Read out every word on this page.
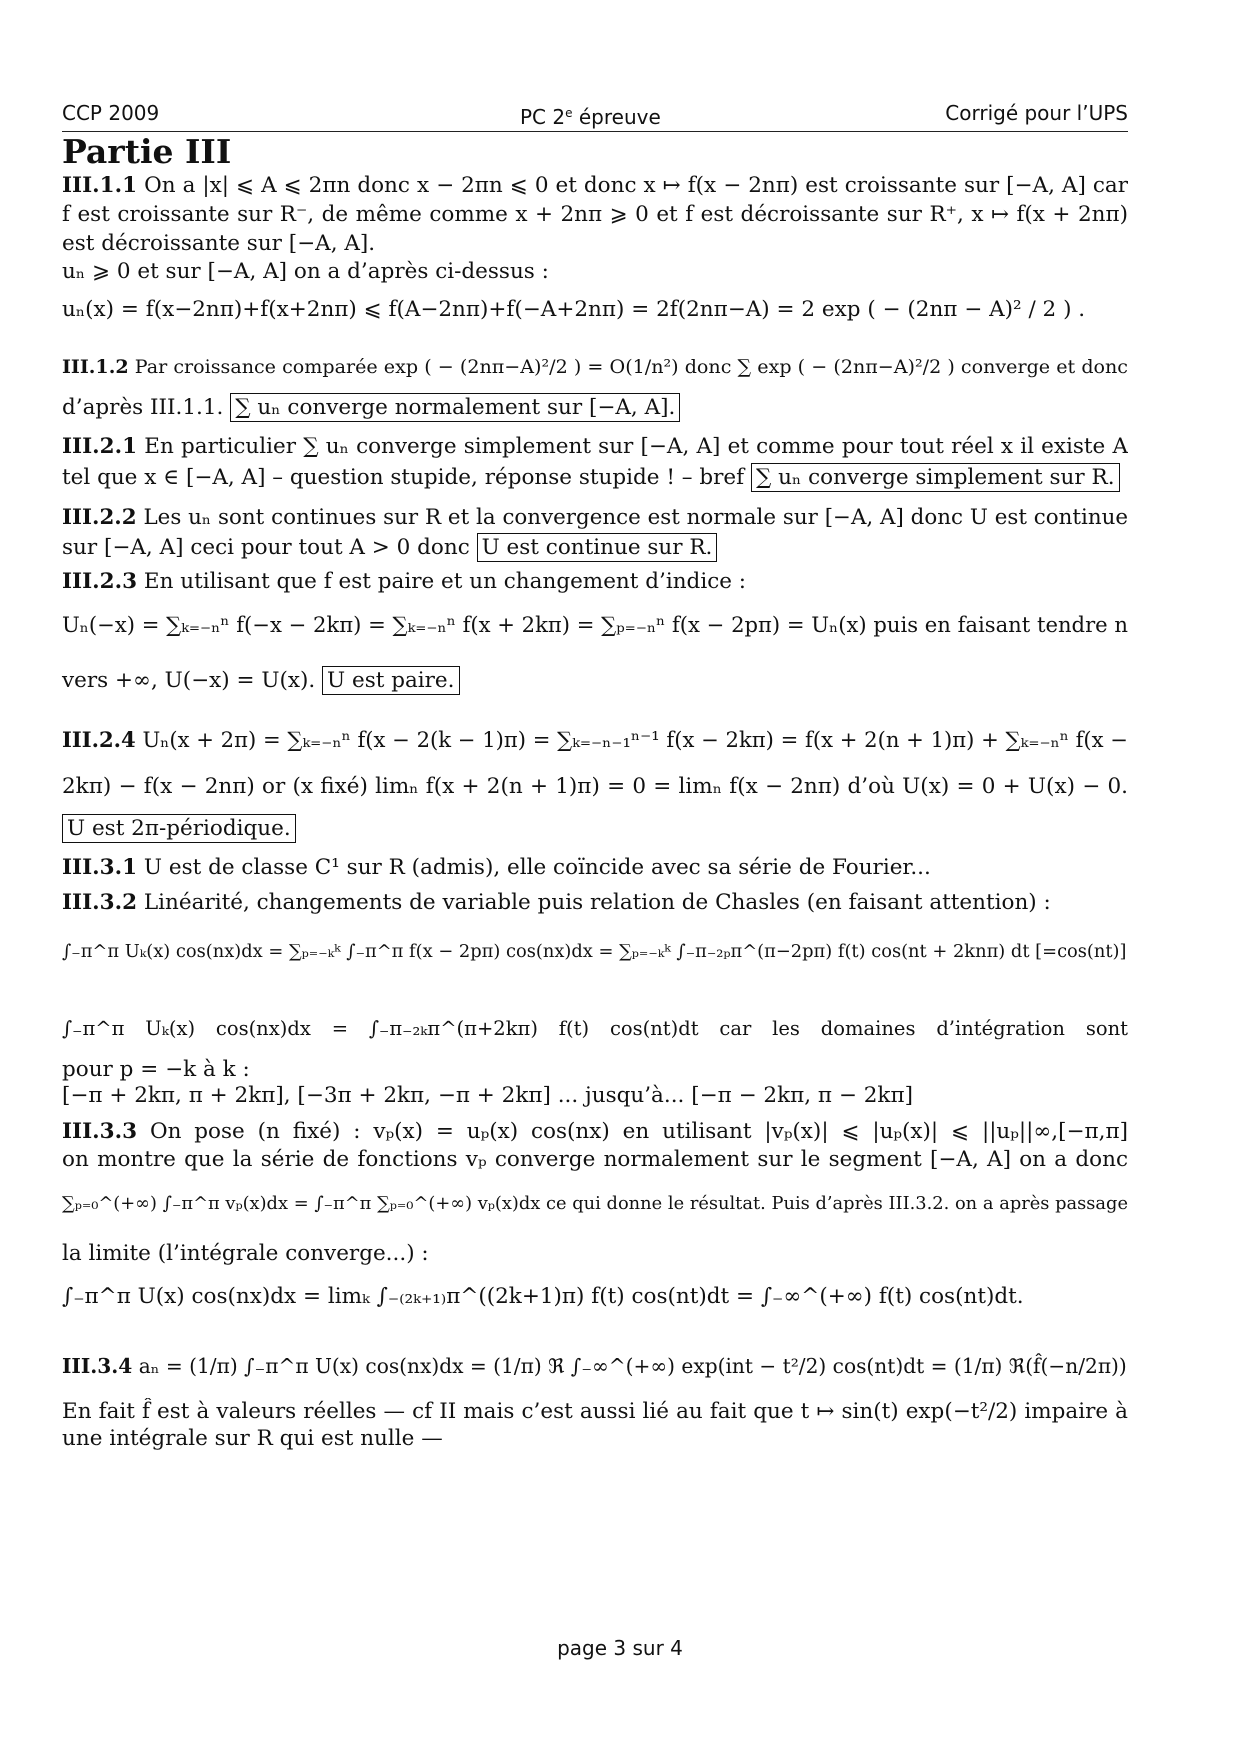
CCP 2009	PC 2e épreuve	Corrigé pour l’UPS
Partie III
III.1.1 On a |x| ⩽ A ⩽ 2πn donc x − 2πn ⩽ 0 et donc x ↦ f(x − 2nπ) est croissante sur [−A, A] car
f est croissante sur R⁻, de même comme x + 2nπ ⩾ 0 et f est décroissante sur R⁺, x ↦ f(x + 2nπ)
est décroissante sur [−A, A].
uₙ ⩾ 0 et sur [−A, A] on a d’après ci-dessus :
uₙ(x) = f(x−2nπ)+f(x+2nπ) ⩽ f(A−2nπ)+f(−A+2nπ) = 2f(2nπ−A) = 2 exp ( − (2nπ − A)² / 2 ) .
III.1.2 Par croissance comparée exp ( − (2nπ−A)²/2 ) = O(1/n²) donc ∑ exp ( − (2nπ−A)²/2 ) converge et donc
d’après III.1.1. ∑ uₙ converge normalement sur [−A, A].
III.2.1 En particulier ∑ uₙ converge simplement sur [−A, A] et comme pour tout réel x il existe A
tel que x ∈ [−A, A] – question stupide, réponse stupide ! – bref ∑ uₙ converge simplement sur R.
III.2.2 Les uₙ sont continues sur R et la convergence est normale sur [−A, A] donc U est continue
sur [−A, A] ceci pour tout A > 0 donc U est continue sur R.
III.2.3 En utilisant que f est paire et un changement d’indice :
Uₙ(−x) = ∑ₖ₌₋ₙⁿ f(−x − 2kπ) = ∑ₖ₌₋ₙⁿ f(x + 2kπ) = ∑ₚ₌₋ₙⁿ f(x − 2pπ) = Uₙ(x) puis en faisant tendre n
vers +∞, U(−x) = U(x). U est paire.
III.2.4 Uₙ(x + 2π) = ∑ₖ₌₋ₙⁿ f(x − 2(k − 1)π) = ∑ₖ₌₋ₙ₋₁ⁿ⁻¹ f(x − 2kπ) = f(x + 2(n + 1)π) + ∑ₖ₌₋ₙⁿ f(x −
2kπ) − f(x − 2nπ) or (x fixé) limₙ f(x + 2(n + 1)π) = 0 = limₙ f(x − 2nπ) d’où U(x) = 0 + U(x) − 0.
U est 2π-périodique.
III.3.1 U est de classe C¹ sur R (admis), elle coïncide avec sa série de Fourier...
III.3.2 Linéarité, changements de variable puis relation de Chasles (en faisant attention) :
∫₋π^π Uₖ(x) cos(nx)dx = ∑ₚ₌₋ₖᵏ ∫₋π^π f(x − 2pπ) cos(nx)dx = ∑ₚ₌₋ₖᵏ ∫₋π₋₂ₚπ^(π−2pπ) f(t) cos(nt + 2knπ) dt [=cos(nt)]
∫₋π^π Uₖ(x) cos(nx)dx = ∫₋π₋₂ₖπ^(π+2kπ) f(t) cos(nt)dt car les domaines d’intégration sont
pour p = −k à k :
[−π + 2kπ, π + 2kπ], [−3π + 2kπ, −π + 2kπ] ... jusqu’à... [−π − 2kπ, π − 2kπ]
III.3.3 On pose (n fixé) : vₚ(x) = uₚ(x) cos(nx) en utilisant |vₚ(x)| ⩽ |uₚ(x)| ⩽ ||uₚ||∞,[−π,π]
on montre que la série de fonctions vₚ converge normalement sur le segment [−A, A] on a donc
∑ₚ₌₀^(+∞) ∫₋π^π vₚ(x)dx = ∫₋π^π ∑ₚ₌₀^(+∞) vₚ(x)dx ce qui donne le résultat. Puis d’après III.3.2. on a après passage
la limite (l’intégrale converge...) :
∫₋π^π U(x) cos(nx)dx = limₖ ∫₋₍₂ₖ₊₁₎π^((2k+1)π) f(t) cos(nt)dt = ∫₋∞^(+∞) f(t) cos(nt)dt.
III.3.4 aₙ = (1/π) ∫₋π^π U(x) cos(nx)dx = (1/π) ℜ ∫₋∞^(+∞) exp(int − t²/2) cos(nt)dt = (1/π) ℜ(f̂(−n/2π))
En fait f̂ est à valeurs réelles — cf II mais c’est aussi lié au fait que t ↦ sin(t) exp(−t²/2) impaire à
une intégrale sur R qui est nulle —
page 3 sur 4
